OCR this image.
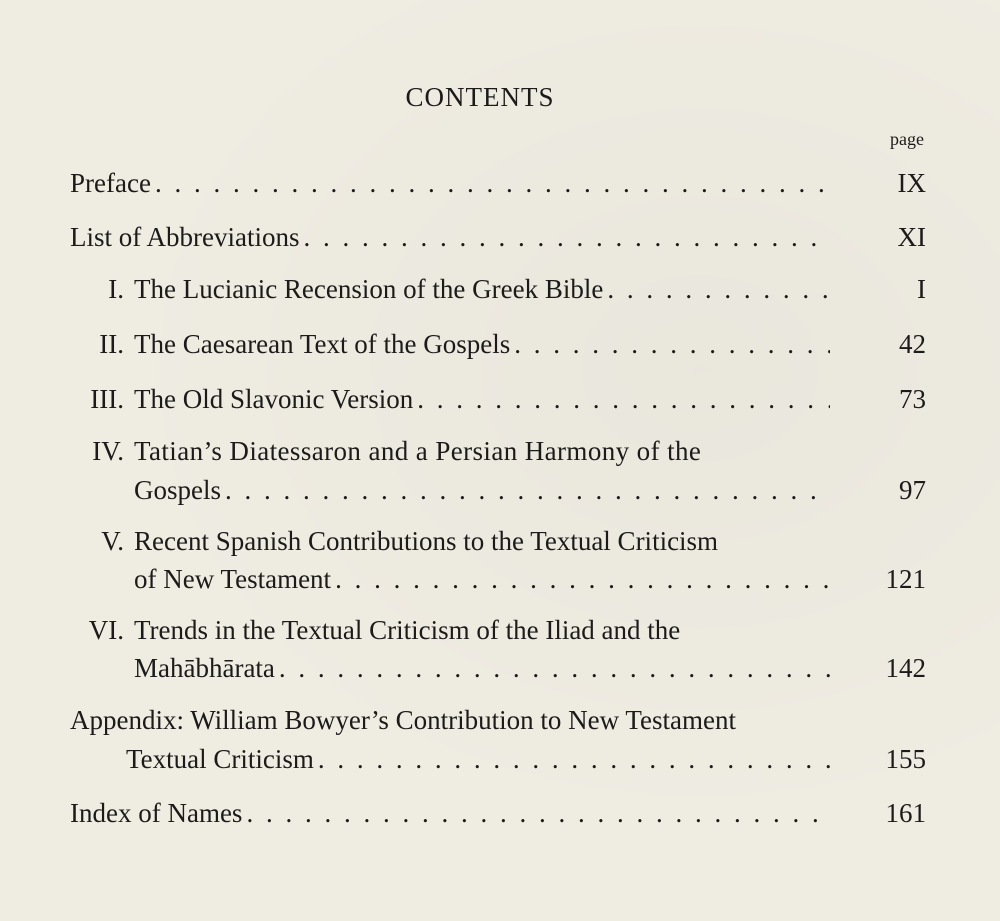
CONTENTS
page
Preface . . .	IX
List of Abbreviations . . .	XI
I. The Lucianic Recension of the Greek Bible . . .	I
II. The Caesarean Text of the Gospels . . .	42
III. The Old Slavonic Version . . .	73
IV. Tatian’s Diatessaron and a Persian Harmony of the
Gospels . . .	97
V. Recent Spanish Contributions to the Textual Criticism
of New Testament . . .	121
VI. Trends in the Textual Criticism of the Iliad and the
Mahābhārata . . .	142
Appendix: William Bowyer’s Contribution to New Testament
Textual Criticism . . .	155
Index of Names . . .	161
